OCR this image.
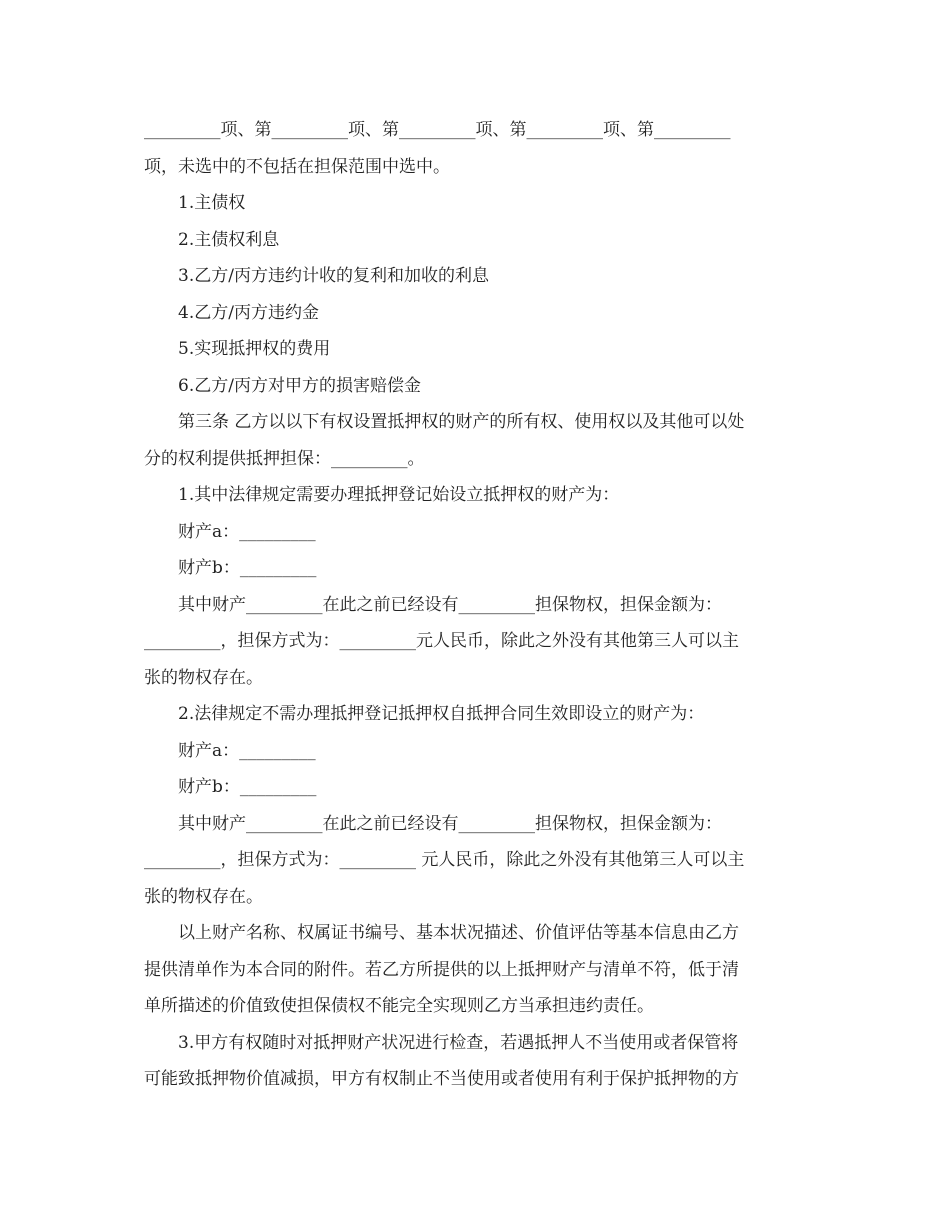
_________项、第_________项、第_________项、第_________项、第_________
项，未选中的不包括在担保范围中选中。
1.主债权
2.主债权利息
3.乙方/丙方违约计收的复利和加收的利息
4.乙方/丙方违约金
5.实现抵押权的费用
6.乙方/丙方对甲方的损害赔偿金
第三条 乙方以以下有权设置抵押权的财产的所有权、使用权以及其他可以处
分的权利提供抵押担保：_________。
1.其中法律规定需要办理抵押登记始设立抵押权的财产为：
财产a：_________
财产b：_________
其中财产_________在此之前已经设有_________担保物权，担保金额为：
_________，担保方式为：_________元人民币，除此之外没有其他第三人可以主
张的物权存在。
2.法律规定不需办理抵押登记抵押权自抵押合同生效即设立的财产为：
财产a：_________
财产b：_________
其中财产_________在此之前已经设有_________担保物权，担保金额为：
_________，担保方式为：_________ 元人民币，除此之外没有其他第三人可以主
张的物权存在。
以上财产名称、权属证书编号、基本状况描述、价值评估等基本信息由乙方
提供清单作为本合同的附件。若乙方所提供的以上抵押财产与清单不符，低于清
单所描述的价值致使担保债权不能完全实现则乙方当承担违约责任。
3.甲方有权随时对抵押财产状况进行检查，若遇抵押人不当使用或者保管将
可能致抵押物价值减损，甲方有权制止不当使用或者使用有利于保护抵押物的方
